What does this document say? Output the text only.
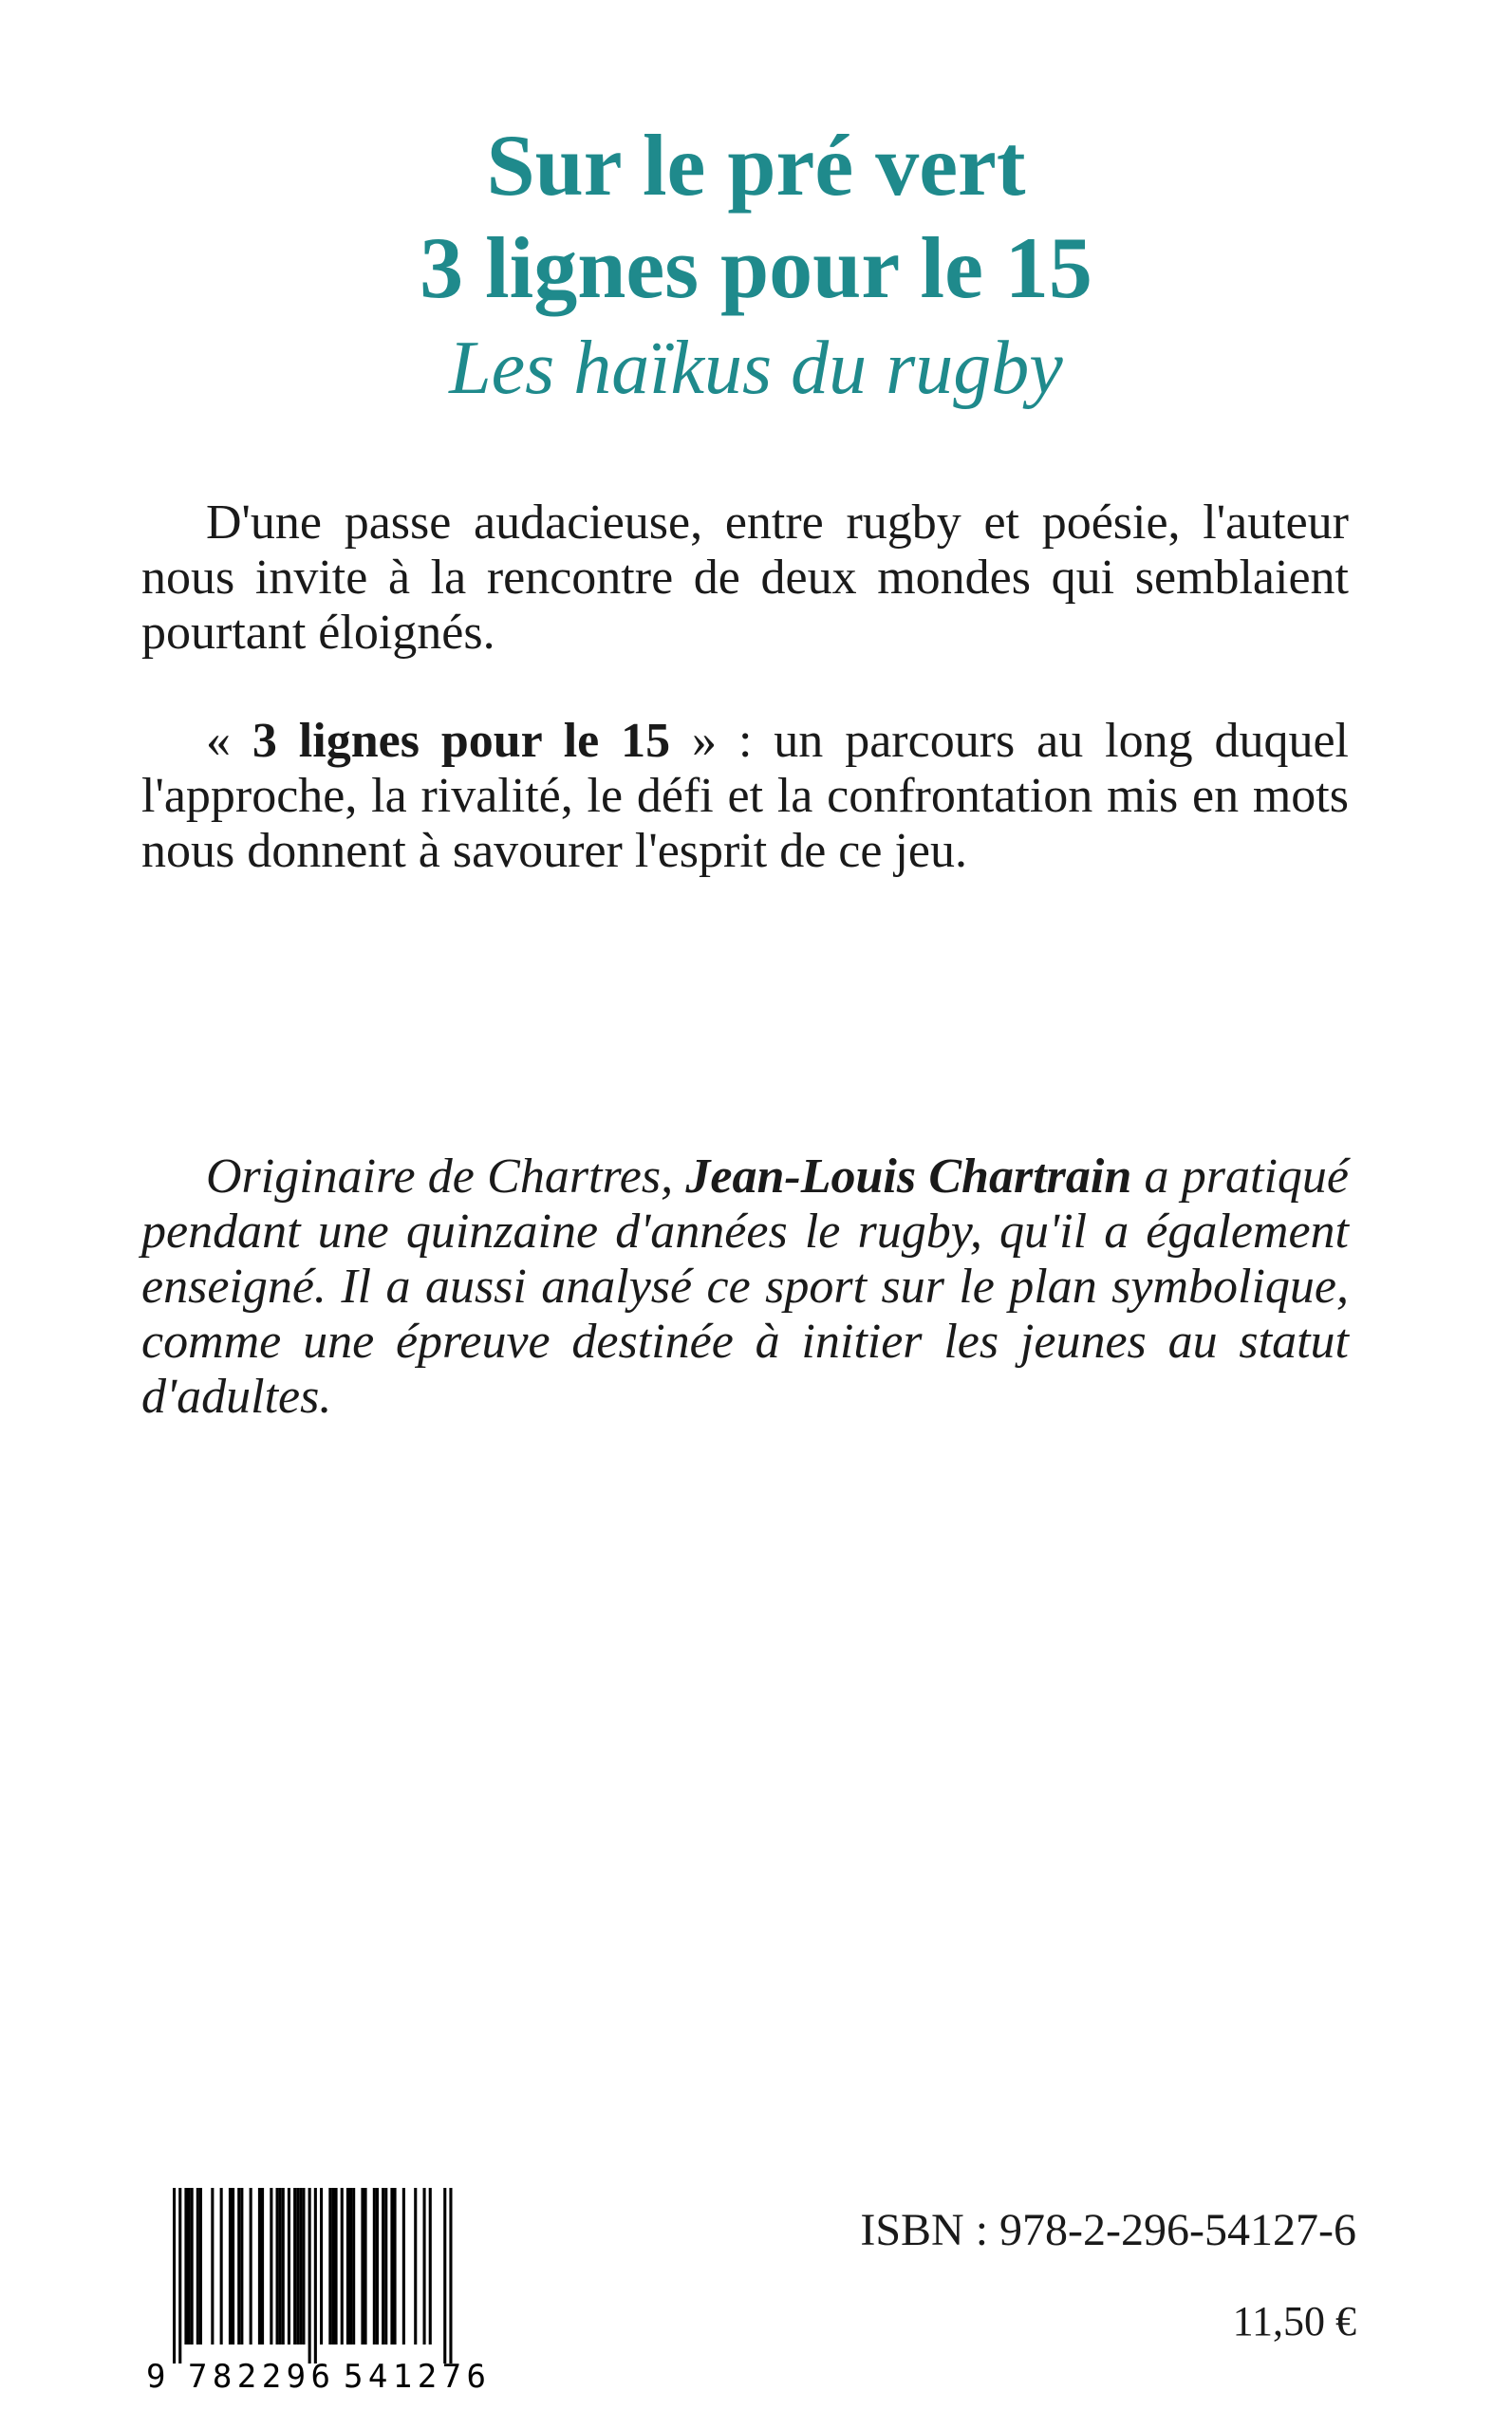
Sur le pré vert

3 lignes pour le 15

Les haïkus du rugby

D'une passe audacieuse, entre rugby et poésie, l'auteur nous invite à la rencontre de deux mondes qui semblaient pourtant éloignés.

« 3 lignes pour le 15 » : un parcours au long duquel l'approche, la rivalité, le défi et la confrontation mis en mots nous donnent à savourer l'esprit de ce jeu.

Originaire de Chartres, Jean-Louis Chartrain a pratiqué pendant une quinzaine d'années le rugby, qu'il a également enseigné. Il a aussi analysé ce sport sur le plan symbolique, comme une épreuve destinée à initier les jeunes au statut d'adultes.

9 782296 541276

ISBN : 978-2-296-54127-6

11,50 €
